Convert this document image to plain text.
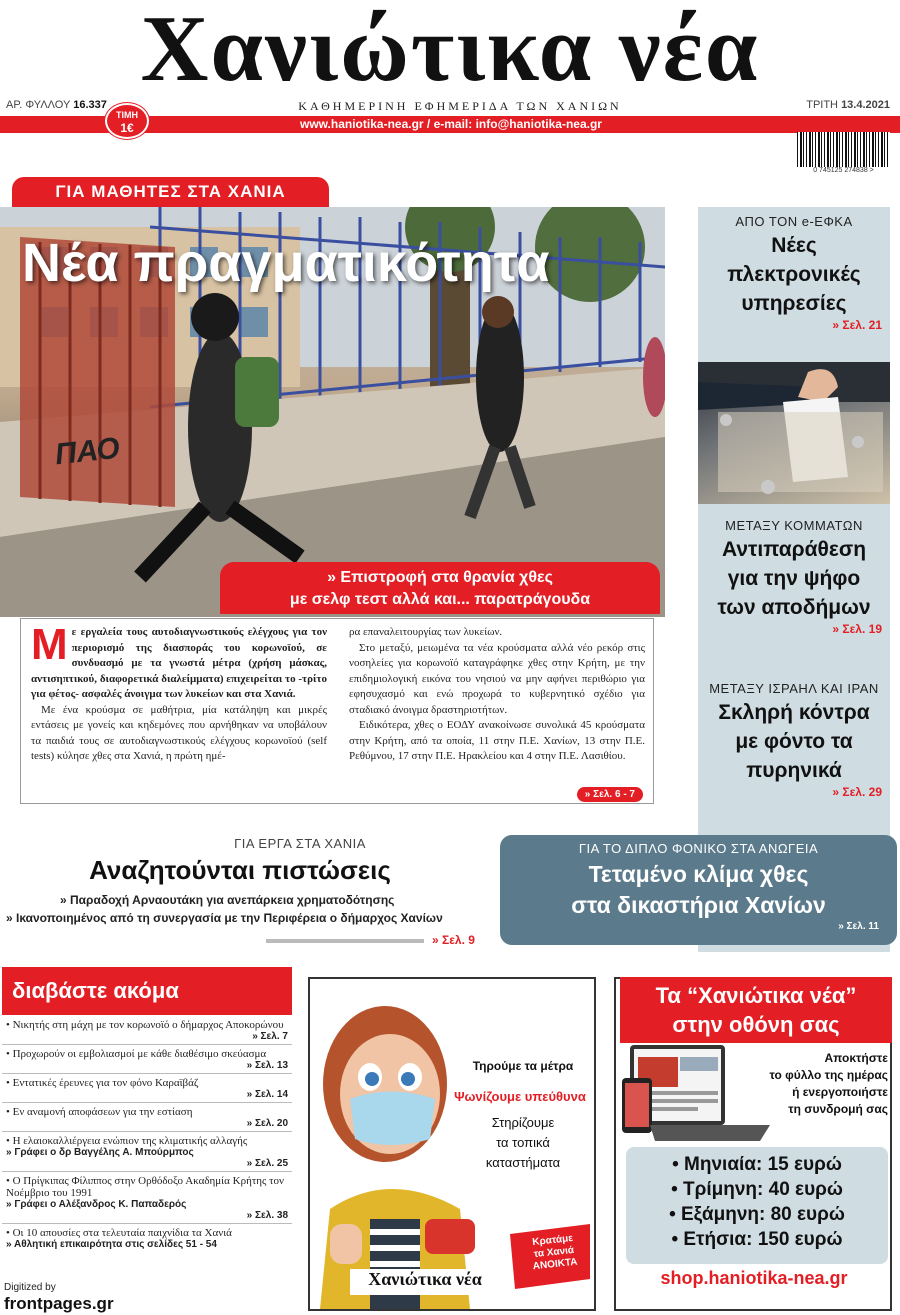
Χανιώτικα νέα
ΑΡ. ΦΥΛΛΟΥ 16.337	ΚΑΘΗΜΕΡΙΝΗ ΕΦΗΜΕΡΙΔΑ ΤΩΝ ΧΑΝΙΩΝ	ΤΡΙΤΗ 13.4.2021
www.haniotika-nea.gr / e-mail: info@haniotika-nea.gr
ΤΙΜΗ
1€
0 745125 274838 >
ΓΙΑ ΜΑΘΗΤΕΣ ΣΤΑ ΧΑΝΙΑ
ΠΑΟ
Νέα πραγματικότητα
» Επιστροφή στα θρανία χθες
με σελφ τεστ αλλά και... παρατράγουδα
Με εργαλεία τους αυτοδιαγνωστικούς ελέγχους για τον περιορισμό της διασποράς του κορωνοϊού, σε συνδυασμό με τα γνωστά μέτρα (χρήση μάσκας, αντισηπτικού, διαφορετικά διαλείμματα) επιχειρείται το -τρίτο για φέτος- ασφαλές άνοιγμα των λυκείων και στα Χανιά.
Με ένα κρούσμα σε μαθήτρια, μία κατάληψη και μικρές εντάσεις με γονείς και κηδεμόνες που αρνήθηκαν να υποβάλουν τα παιδιά τους σε αυτοδιαγνωστικούς ελέγχους κορωνοϊού (self tests) κύλησε χθες στα Χανιά, η πρώτη ημέ-
ρα επαναλειτουργίας των λυκείων.
Στο μεταξύ, μειωμένα τα νέα κρούσματα αλλά νέο ρεκόρ στις νοσηλείες για κορωνοϊό καταγράφηκε χθες στην Κρήτη, με την επιδημιολογική εικόνα του νησιού να μην αφήνει περιθώριο για εφησυχασμό και ενώ προχωρά το κυβερνητικό σχέδιο για σταδιακό άνοιγμα δραστηριοτήτων.
Ειδικότερα, χθες ο ΕΟΔΥ ανακοίνωσε συνολικά 45 κρούσματα στην Κρήτη, από τα οποία, 11 στην Π.Ε. Χανίων, 13 στην Π.Ε. Ρεθύμνου, 17 στην Π.Ε. Ηρακλείου και 4 στην Π.Ε. Λασιθίου.
» Σελ. 6 - 7
ΑΠΟ ΤΟΝ e-ΕΦΚΑ
Νέες πλεκτρονικές υπηρεσίες
» Σελ. 21
ΜΕΤΑΞΥ ΚΟΜΜΑΤΩΝ
Αντιπαράθεση για την ψήφο των αποδήμων
» Σελ. 19
ΜΕΤΑΞΥ ΙΣΡΑΗΛ ΚΑΙ ΙΡΑΝ
Σκληρή κόντρα με φόντο τα πυρηνικά
» Σελ. 29
ΓΙΑ ΕΡΓΑ ΣΤΑ ΧΑΝΙΑ
Αναζητούνται πιστώσεις
» Παραδοχή Αρναουτάκη για ανεπάρκεια χρηματοδότησης
» Ικανοποιημένος από τη συνεργασία με την Περιφέρεια ο δήμαρχος Χανίων
» Σελ. 9
ΓΙΑ ΤΟ ΔΙΠΛΟ ΦΟΝΙΚΟ ΣΤΑ ΑΝΩΓΕΙΑ
Τεταμένο κλίμα χθες
στα δικαστήρια Χανίων
» Σελ. 11
διαβάστε ακόμα
• Νικητής στη μάχη με τον κορωνοϊό ο δήμαρχος Αποκορώνου
» Σελ. 7
• Προχωρούν οι εμβολιασμοί με κάθε διαθέσιμο σκεύασμα
» Σελ. 13
• Εντατικές έρευνες για τον φόνο Καραϊβάζ
» Σελ. 14
• Εν αναμονή αποφάσεων για την εστίαση
» Σελ. 20
• Η ελαιοκαλλιέργεια ενώπιον της κλιματικής αλλαγής
» Γράφει ο δρ Βαγγέλης Α. Μπούρμπος
» Σελ. 25
• Ο Πρίγκιπας Φίλιππος στην Ορθόδοξο Ακαδημία Κρήτης τον Νοέμβριο του 1991
» Γράφει ο Αλέξανδρος Κ. Παπαδερός
» Σελ. 38
• Οι 10 απουσίες στα τελευταία παιχνίδια τα Χανιά
» Αθλητική επικαιρότητα στις σελίδες 51 - 54
Τηρούμε τα μέτρα
Ψωνίζουμε υπεύθυνα
Στηρίζουμε
τα τοπικά
καταστήματα
Κρατάμε
τα Χανιά
ΑΝΟΙΚΤΑ
Χανιώτικα νέα
Τα “Χανιώτικα νέα”
στην οθόνη σας
Αποκτήστε
το φύλλο της ημέρας
ή ενεργοποιήστε
τη συνδρομή σας
• Μηνιαία: 15 ευρώ
• Τρίμηνη: 40 ευρώ
• Εξάμηνη: 80 ευρώ
• Ετήσια: 150 ευρώ
shop.haniotika-nea.gr
Digitized by
frontpages.gr
